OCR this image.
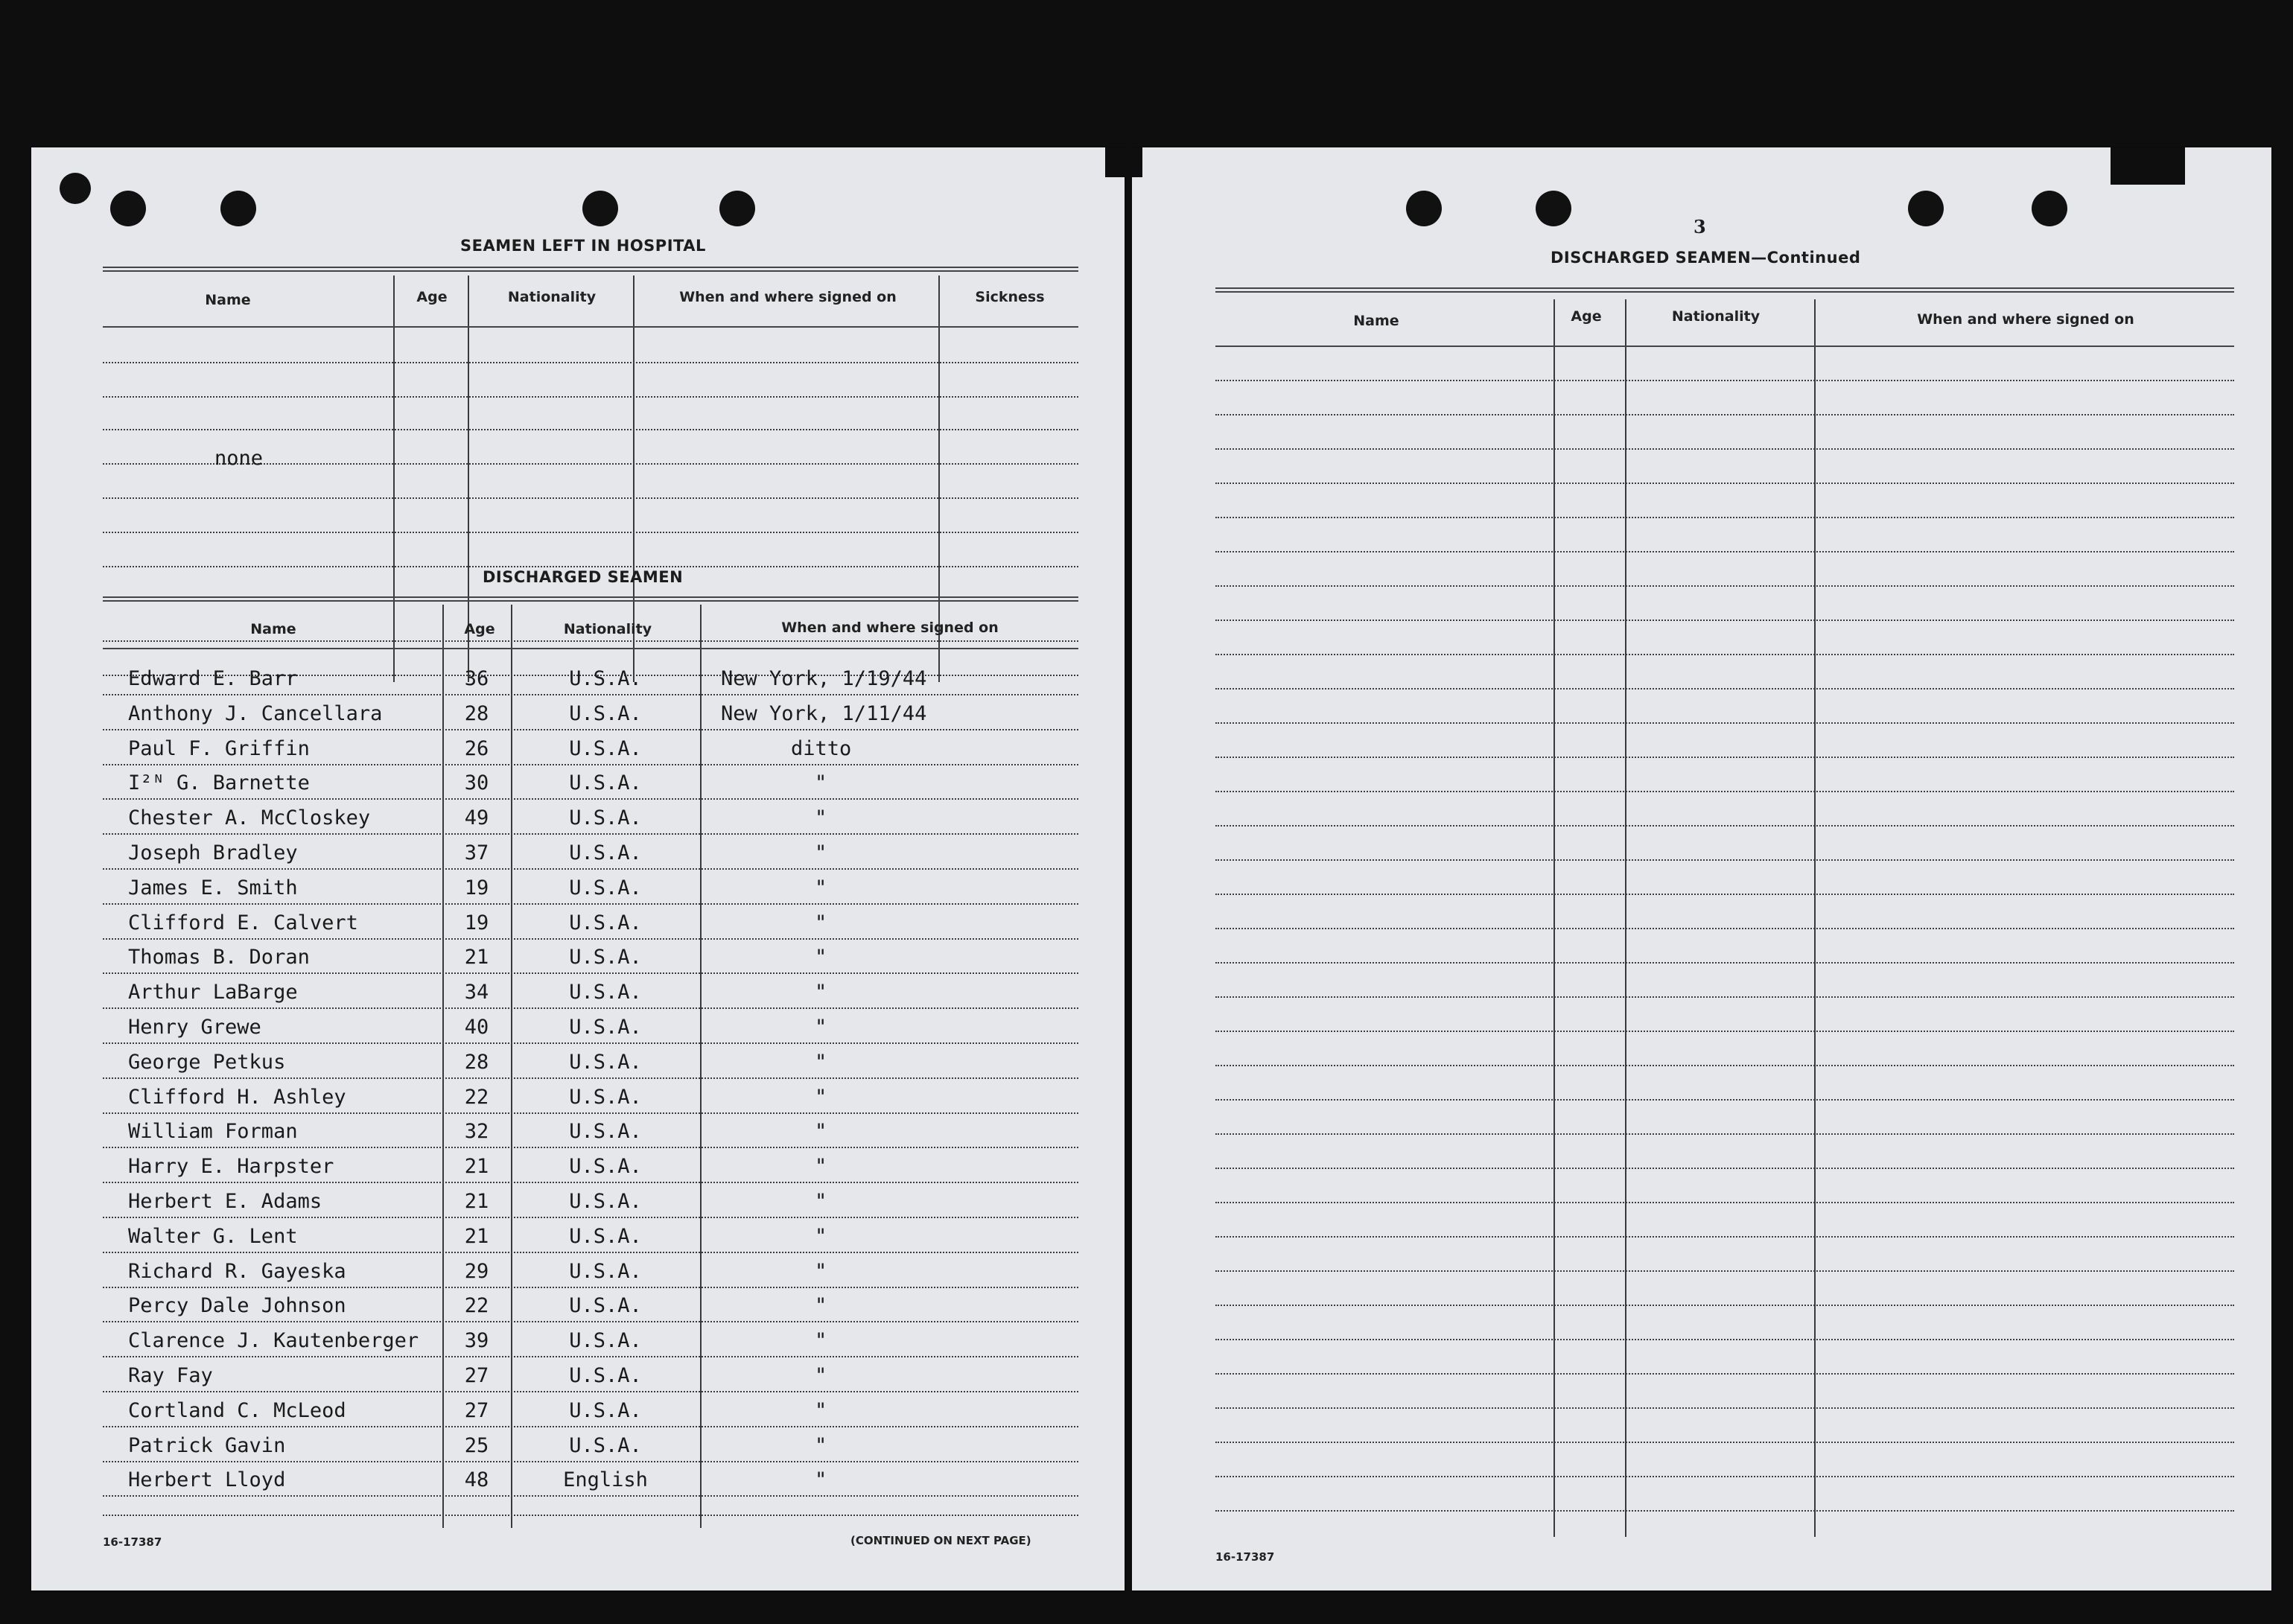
SEAMEN LEFT IN HOSPITAL
Name	Age	Nationality	When and where signed on	Sickness
none
DISCHARGED SEAMEN
Name	Age	Nationality	When and where signed on
Edward E. Barr	36	U.S.A.	New York, 1/19/44
Anthony J. Cancellara	28	U.S.A.	New York, 1/11/44
Paul F. Griffin	26	U.S.A.	ditto
I²ᴺ G. Barnette	30	U.S.A.	"
Chester A. McCloskey	49	U.S.A.	"
Joseph Bradley	37	U.S.A.	"
James E. Smith	19	U.S.A.	"
Clifford E. Calvert	19	U.S.A.	"
Thomas B. Doran	21	U.S.A.	"
Arthur LaBarge	34	U.S.A.	"
Henry Grewe	40	U.S.A.	"
George Petkus	28	U.S.A.	"
Clifford H. Ashley	22	U.S.A.	"
William Forman	32	U.S.A.	"
Harry E. Harpster	21	U.S.A.	"
Herbert E. Adams	21	U.S.A.	"
Walter G. Lent	21	U.S.A.	"
Richard R. Gayeska	29	U.S.A.	"
Percy Dale Johnson	22	U.S.A.	"
Clarence J. Kautenberger	39	U.S.A.	"
Ray Fay	27	U.S.A.	"
Cortland C. McLeod	27	U.S.A.	"
Patrick Gavin	25	U.S.A.	"
Herbert Lloyd	48	English	"
16-17387	(CONTINUED ON NEXT PAGE)
3
DISCHARGED SEAMEN—Continued
Name	Age	Nationality	When and where signed on
16-17387
